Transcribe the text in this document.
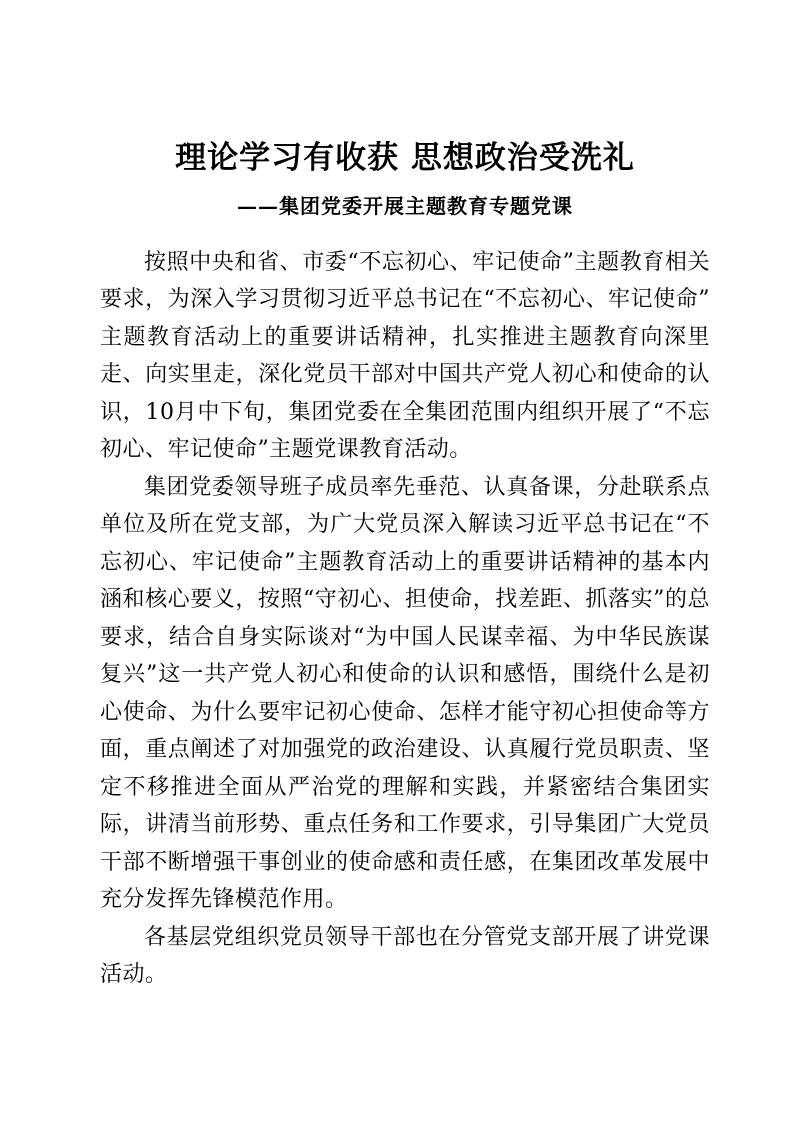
理论学习有收获 思想政治受洗礼
——集团党委开展主题教育专题党课

按照中央和省、市委“不忘初心、牢记使命”主题教育相关要求，为深入学习贯彻习近平总书记在“不忘初心、牢记使命”主题教育活动上的重要讲话精神，扎实推进主题教育向深里走、向实里走，深化党员干部对中国共产党人初心和使命的认识，10月中下旬，集团党委在全集团范围内组织开展了“不忘初心、牢记使命”主题党课教育活动。

集团党委领导班子成员率先垂范、认真备课，分赴联系点单位及所在党支部，为广大党员深入解读习近平总书记在“不忘初心、牢记使命”主题教育活动上的重要讲话精神的基本内涵和核心要义，按照“守初心、担使命，找差距、抓落实”的总要求，结合自身实际谈对“为中国人民谋幸福、为中华民族谋复兴”这一共产党人初心和使命的认识和感悟，围绕什么是初心使命、为什么要牢记初心使命、怎样才能守初心担使命等方面，重点阐述了对加强党的政治建设、认真履行党员职责、坚定不移推进全面从严治党的理解和实践，并紧密结合集团实际，讲清当前形势、重点任务和工作要求，引导集团广大党员干部不断增强干事创业的使命感和责任感，在集团改革发展中充分发挥先锋模范作用。

各基层党组织党员领导干部也在分管党支部开展了讲党课活动。
